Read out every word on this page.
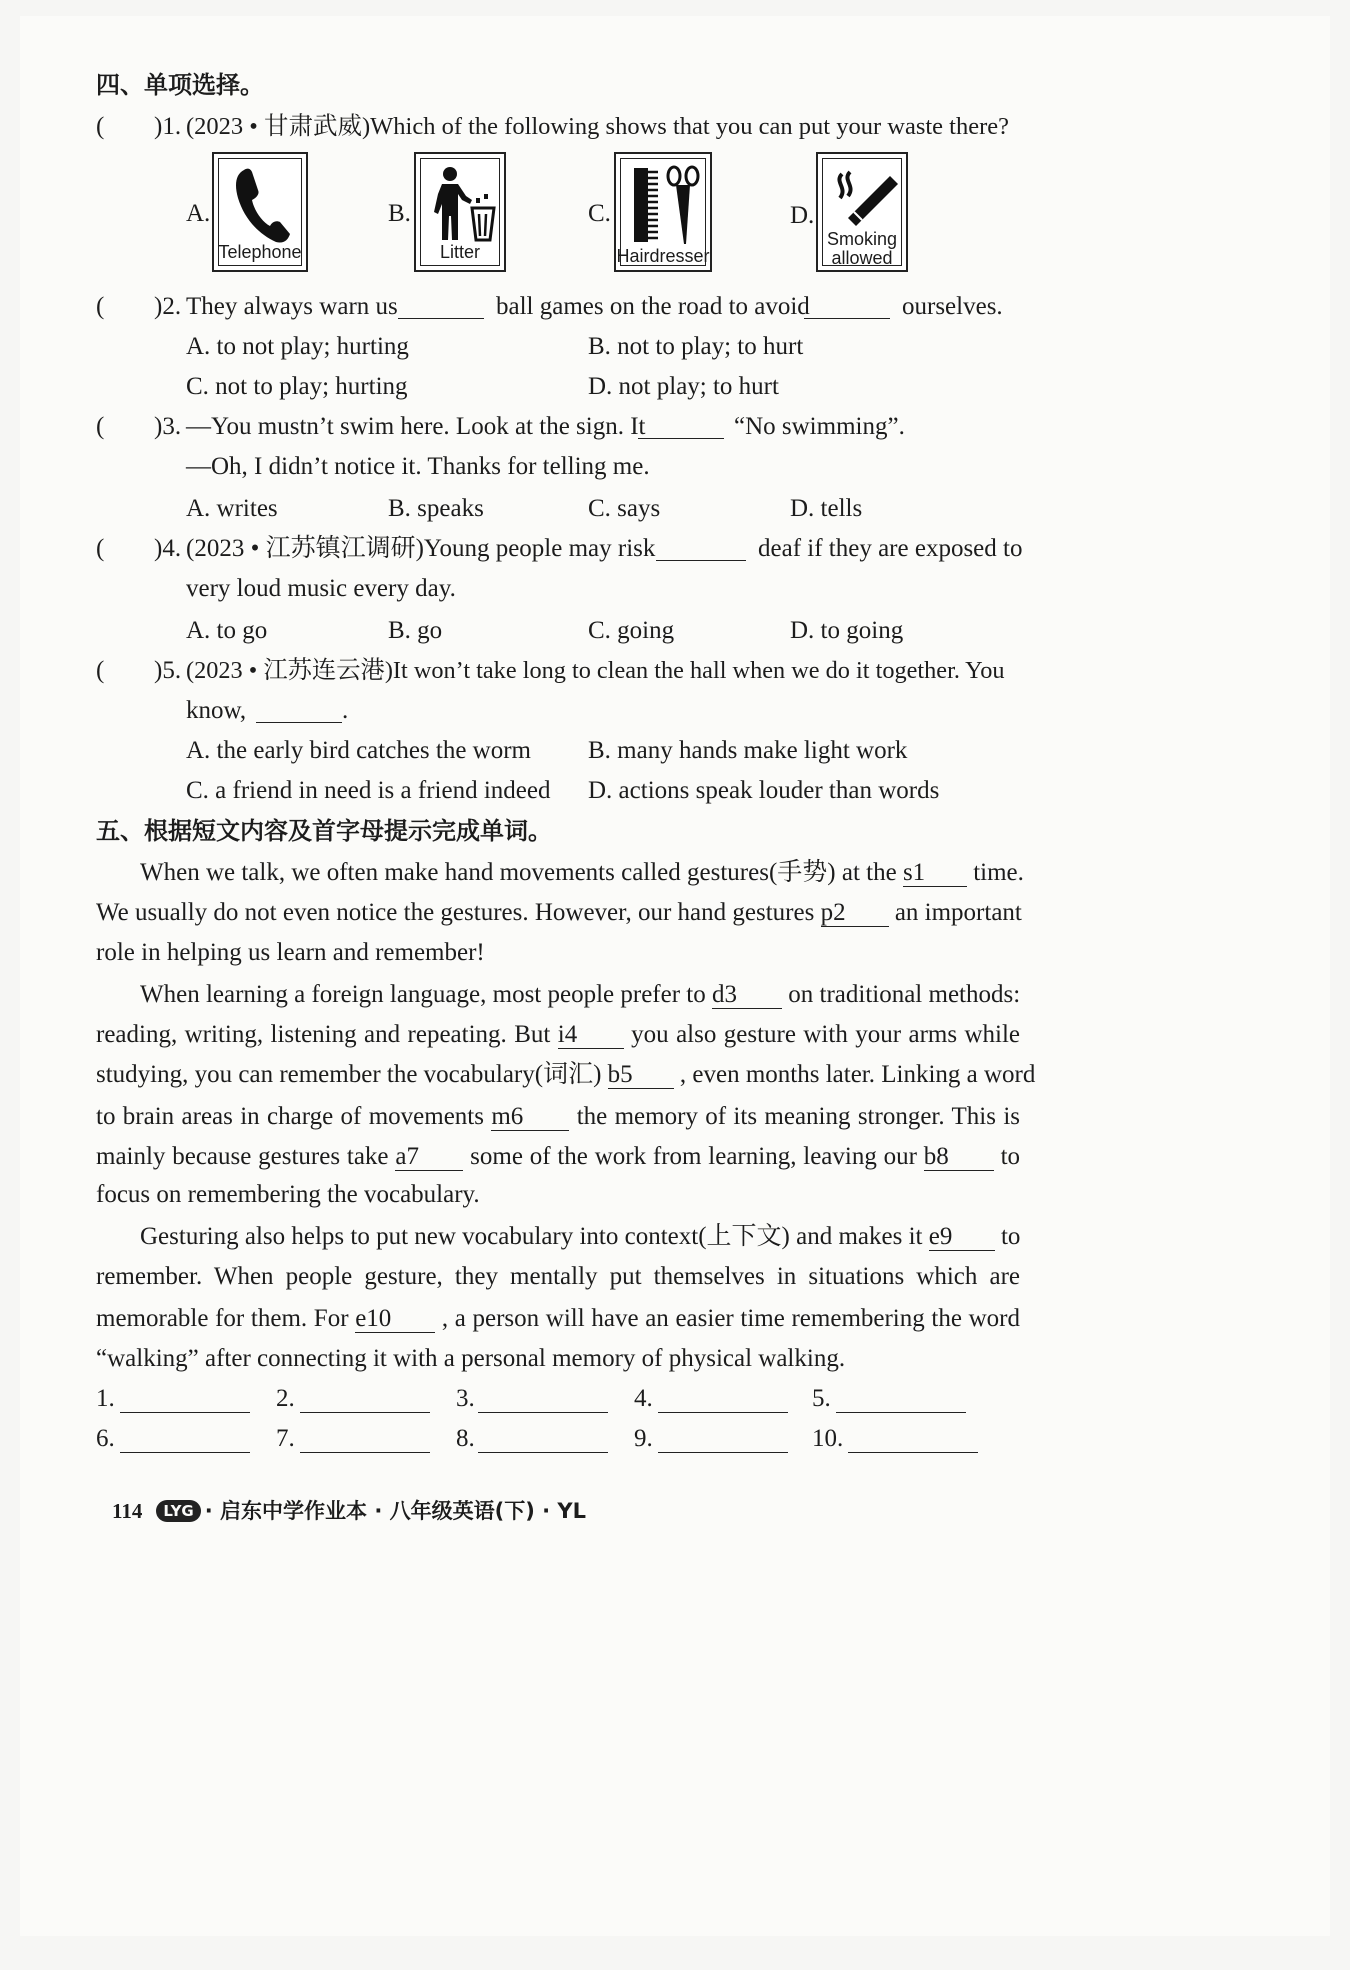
四、单项选择。
( )1. (2023 • 甘肃武威)Which of the following shows that you can put your waste there?
A.
Telephone
B.
Litter
C.
Hairdresser
D.
Smoking allowed
( )2. They always warn us	ball games on the road to avoid	ourselves.
A. to not play; hurting	B. not to play; to hurt
C. not to play; hurting	D. not play; to hurt
( )3. —You mustn’t swim here. Look at the sign. It	“No swimming”.
—Oh, I didn’t notice it. Thanks for telling me.
A. writes	B. speaks	C. says	D. tells
( )4. (2023 • 江苏镇江调研)Young people may risk	deaf if they are exposed to
very loud music every day.
A. to go	B. go	C. going	D. to going
( )5. (2023 • 江苏连云港)It won’t take long to clean the hall when we do it together. You
know,	.
A. the early bird catches the worm B. many hands make light work
C. a friend in need is a friend indeed D. actions speak louder than words
五、根据短文内容及首字母提示完成单词。
When we talk, we often make hand movements called gestures(手势) at the s 1 time.
We usually do not even notice the gestures. However, our hand gestures p 2 an important
role in helping us learn and remember!
When learning a foreign language, most people prefer to d 3 on traditional methods:
reading, writing, listening and repeating. But i 4 you also gesture with your arms while
studying, you can remember the vocabulary(词汇) b 5 , even months later. Linking a word
to brain areas in charge of movements m 6 the memory of its meaning stronger. This is
mainly because gestures take a 7 some of the work from learning, leaving our b 8 to
focus on remembering the vocabulary.
Gesturing also helps to put new vocabulary into context(上下文) and makes it e 9 to
remember. When people gesture, they mentally put themselves in situations which are
memorable for them. For e 10 , a person will have an easier time remembering the word
“walking” after connecting it with a personal memory of physical walking.
1.	2.	3.	4.	5.
6.	7.	8.	9.	10.
114 LYG · 启东中学作业本 · 八年级英语(下) · YL
